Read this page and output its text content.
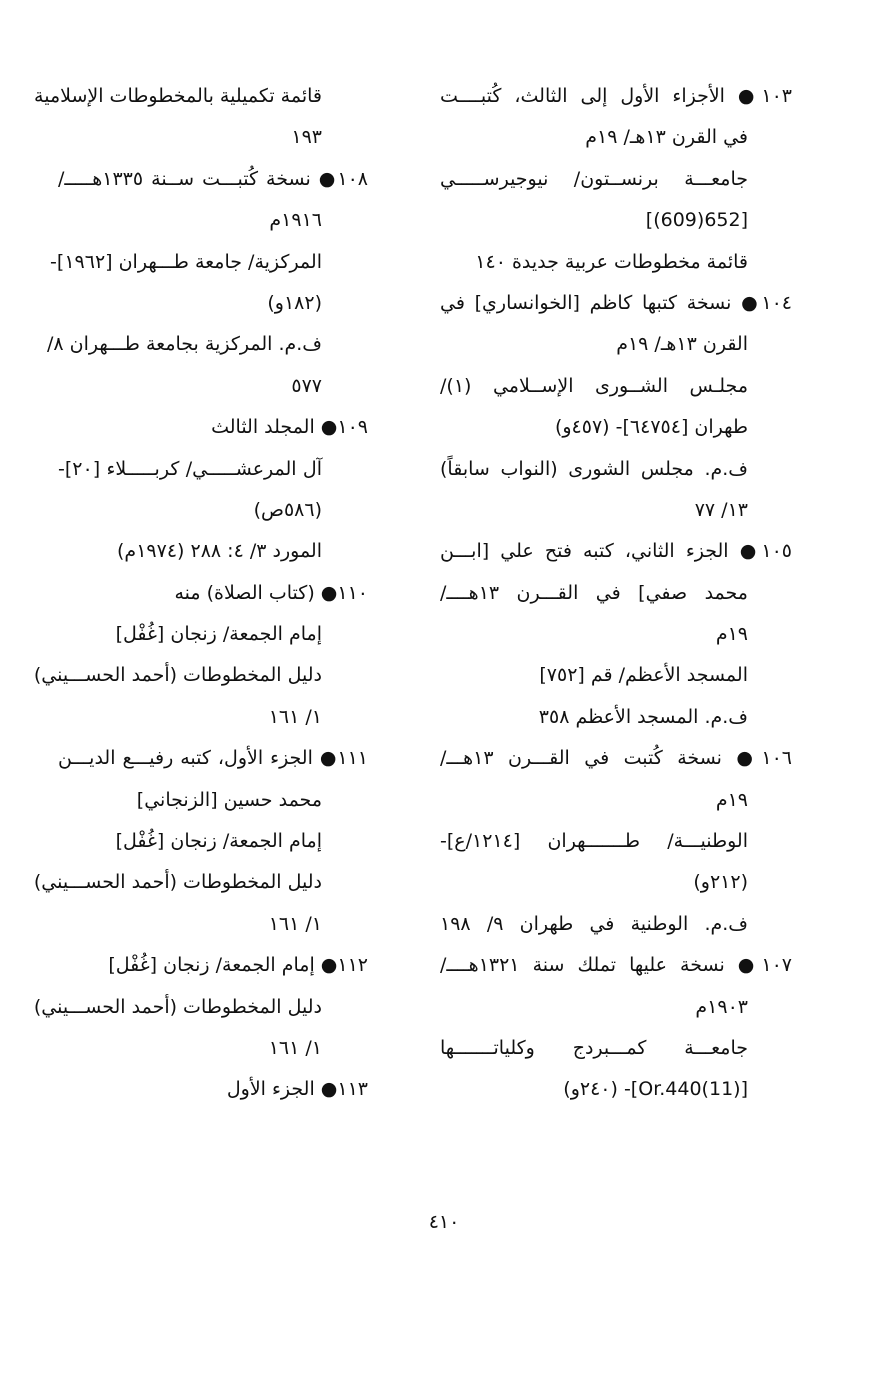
١٠٣● الأجزاء الأول إلى الثالث، كُتبــــت
في القرن ١٣هـ/ ١٩م
جامعـــة برنســتون/ نيوجيرســـــي
[652(609)]
قائمة مخطوطات عربية جديدة ١٤٠
١٠٤● نسخة كتبها كاظم [الخوانساري] في
القرن ١٣هـ/ ١٩م
مجلـس الشــورى الإســلامي (١)/
طهران [٦٤٧٥٤]- (٤٥٧و)
ف.م. مجلس الشورى (النواب سابقاً)
١٣/ ٧٧
١٠٥● الجزء الثاني، كتبه فتح علي [ابـــن
محمد صفي] في القـــرن ١٣هــــ/
١٩م
المسجد الأعظم/ قم [٧٥٢]
ف.م. المسجد الأعظم ٣٥٨
١٠٦● نسخة كُتبت في القـــرن ١٣هـــ/
١٩م
الوطنيـــة/ طـــــــهران [١٢١٤/ع]-
(٢١٢و)
ف.م. الوطنية في طهران ٩/ ١٩٨
١٠٧● نسخة عليها تملك سنة ١٣٢١هــــ/
١٩٠٣م
جامعـــة كمـــبردج وكلياتـــــــها
[Or.440(11)]- (٢٤٠و)
قائمة تكميلية بالمخطوطات الإسلامية
١٩٣
١٠٨● نسخة كُتبـــت ســنة ١٣٣٥هـــــ/
١٩١٦م
المركزية/ جامعة طـــهران [١٩٦٢]-
(١٨٢و)
ف.م. المركزية بجامعة طـــهران ٨/
٥٧٧
١٠٩● المجلد الثالث
آل المرعشـــــي/ كربـــــلاء [٢٠]-
(٥٨٦ص)
المورد ٣/ ٤: ٢٨٨ (١٩٧٤م)
١١٠● (كتاب الصلاة) منه
إمام الجمعة/ زنجان [غُفْل]
دليل المخطوطات (أحمد الحســـيني)
١/ ١٦١
١١١● الجزء الأول، كتبه رفيـــع الديـــن
محمد حسين [الزنجاني]
إمام الجمعة/ زنجان [غُفْل]
دليل المخطوطات (أحمد الحســـيني)
١/ ١٦١
١١٢● إمام الجمعة/ زنجان [غُفْل]
دليل المخطوطات (أحمد الحســـيني)
١/ ١٦١
١١٣● الجزء الأول
٤١٠
